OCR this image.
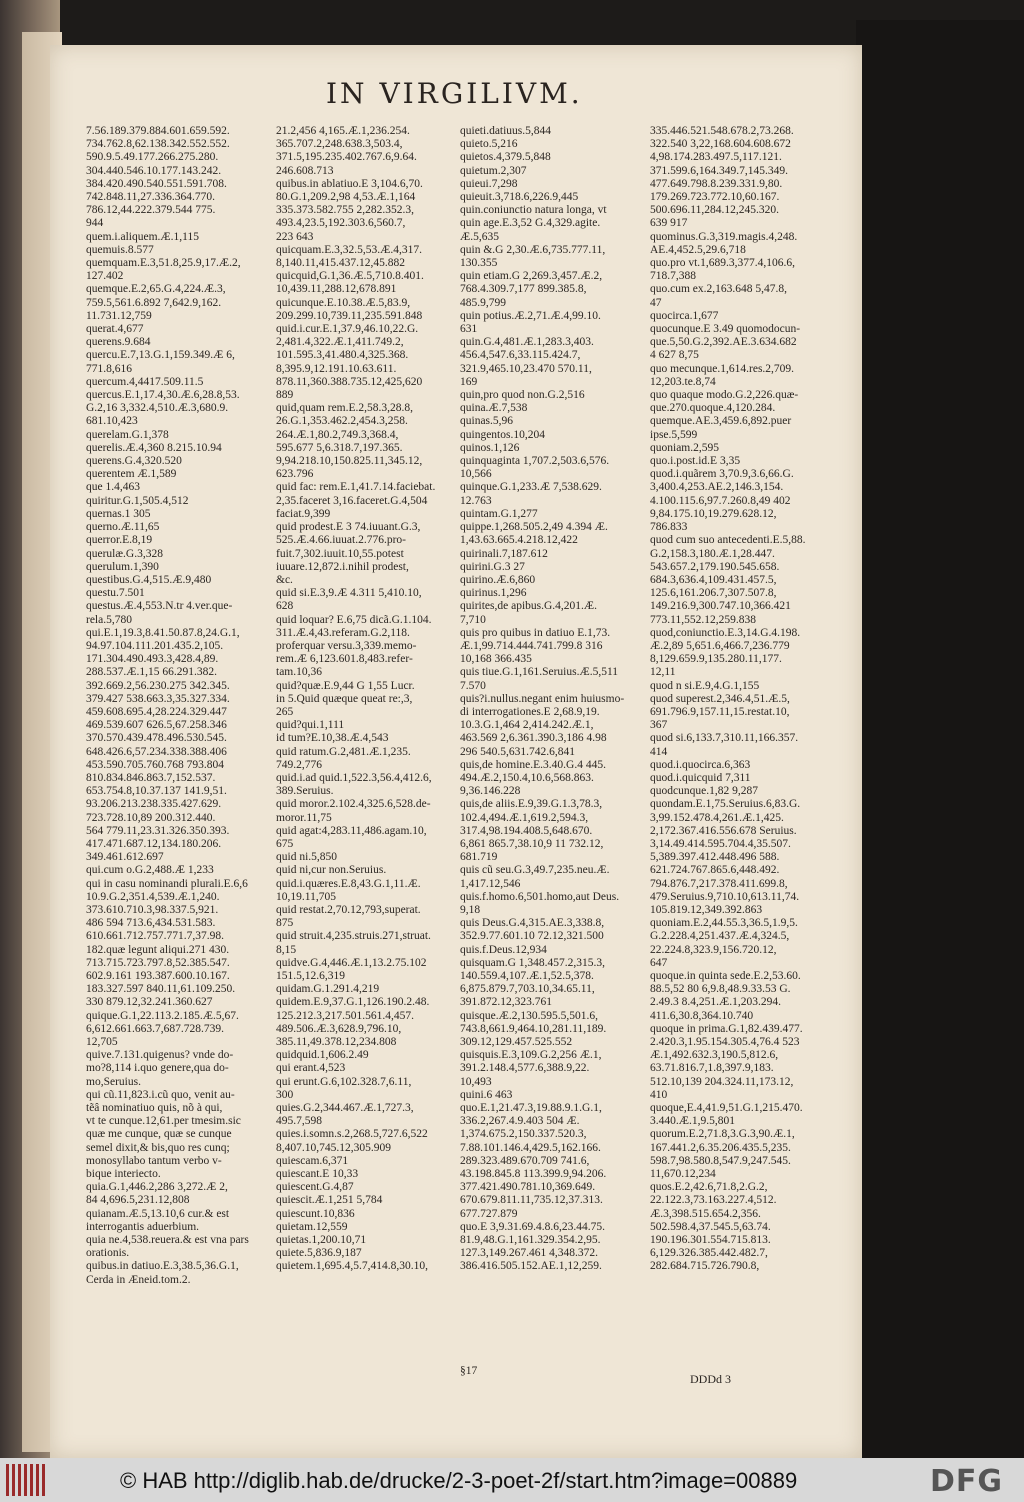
IN VIRGILIVM.
7.56.189.379.884.601.659.592.
734.762.8,62.138.342.552.552.
590.9.5.49.177.266.275.280.
304.440.546.10.177.143.242.
384.420.490.540.551.591.708.
742.848.11,27.336.364.770.
786.12,44.222.379.544 775.
944
quem.i.aliquem.Æ.1,115
quemuis.8.577
quemquam.E.3,51.8,25.9,17.Æ.2,
127.402
quemque.E.2,65.G.4,224.Æ.3,
759.5,561.6.892 7,642.9,162.
11.731.12,759
querat.4,677
querens.9.684
quercu.E.7,13.G.1,159.349.Æ 6,
771.8,616
quercum.4,4417.509.11.5
quercus.E.1,17.4,30.Æ.6,28.8,53.
G.2,16 3,332.4,510.Æ.3,680.9.
681.10,423
querelam.G.1,378
querelis.Æ.4,360 8.215.10.94
querens.G.4,320.520
querentem Æ.1,589
que 1.4,463
quiritur.G.1,505.4,512
quernas.1 305
querno.Æ.11,65
querror.E.8,19
querulæ.G.3,328
querulum.1,390
questibus.G.4,515.Æ.9,480
questu.7.501
questus.Æ.4,553.N.tr 4.ver.que-
rela.5,780
qui.E.1,19.3,8.41.50.87.8,24.G.1,
94.97.104.111.201.435.2,105.
171.304.490.493.3,428.4,89.
288.537.Æ.1,15 66.291.382.
392.669.2,56.230.275 342.345.
379.427 538.663.3,35.327.334.
459.608.695.4,28.224.329.447
469.539.607 626.5,67.258.346
370.570.439.478.496.530.545.
648.426.6,57.234.338.388.406
453.590.705.760.768 793.804
810.834.846.863.7,152.537.
653.754.8,10.37.137 141.9,51.
93.206.213.238.335.427.629.
723.728.10,89 200.312.440.
564 779.11,23.31.326.350.393.
417.471.687.12,134.180.206.
349.461.612.697
qui.cum o.G.2,488.Æ 1,233
qui in casu nominandi plurali.E.6,6
10.9.G.2,351.4,539.Æ.1,240.
373.610.710.3,98.337.5,921.
486 594 713.6,434.531.583.
610.661.712.757.771.7,37.98.
182.quæ legunt aliqui.271 430.
713.715.723.797.8,52.385.547.
602.9.161 193.387.600.10.167.
183.327.597 840.11,61.109.250.
330 879.12,32.241.360.627
quique.G.1,22.113.2.185.Æ.5,67.
6,612.661.663.7,687.728.739.
12,705
quive.7.131.quigenus? vnde do-
mo?8,114 i.quo genere,qua do-
mo,Seruius.
qui cũ.11,823.i.cũ quo, venit au-
tẽâ nominatiuo quis, nõ à qui,
vt te cunque.12,61.per tmesim.sic
quæ me cunque, quæ se cunque
semel dixit,& bis,quo res cunq;
monosyllabo tantum verbo v-
bique interiecto.
quia.G.1,446.2,286 3,272.Æ 2,
84 4,696.5,231.12,808
quianam.Æ.5,13.10,6 cur.& est
interrogantis aduerbium.
quia ne.4,538.reuera.& est vna pars
orationis.
quibus.in datiuo.E.3,38.5,36.G.1,
Cerda in Æneid.tom.2.
21.2,456 4,165.Æ.1,236.254.
365.707.2,248.638.3,503.4,
371.5,195.235.402.767.6,9.64.
246.608.713
quibus.in ablatiuo.E 3,104.6,70.
80.G.1,209.2,98 4,53.Æ.1,164
335.373.582.755 2,282.352.3,
493.4,23.5,192.303.6,560.7,
223 643
quicquam.E.3,32.5,53.Æ.4,317.
8,140.11,415.437.12,45.882
quicquid,G.1,36.Æ.5,710.8.401.
10,439.11,288.12,678.891
quicunque.E.10.38.Æ.5,83.9,
209.299.10,739.11,235.591.848
quid.i.cur.E.1,37.9,46.10,22.G.
2,481.4,322.Æ.1,411.749.2,
101.595.3,41.480.4,325.368.
8,395.9,12.191.10.63.611.
878.11,360.388.735.12,425,620
889
quid,quam rem.E.2,58.3,28.8,
26.G.1,353.462.2,454.3,258.
264.Æ.1,80.2,749.3,368.4,
595.677 5,6.318.7,197.365.
9,94.218.10,150.825.11,345.12,
623.796
quid fac: rem.E.1,41.7.14.faciebat.
2,35.faceret 3,16.faceret.G.4,504
faciat.9,399
quid prodest.E 3 74.iuuant.G.3,
525.Æ.4.66.iuuat.2.776.pro-
fuit.7,302.iuuit.10,55.potest
iuuare.12,872.i.nihil prodest,
&c.
quid si.E.3,9.Æ 4.311 5,410.10,
628
quid loquar? E.6,75 dicã.G.1.104.
311.Æ.4,43.referam.G.2,118.
proferquar versu.3,339.memo-
rem.Æ 6,123.601.8,483.refer-
tam.10,36
quid?quæ.E.9,44 G 1,55 Lucr.
in 5.Quid quæque queat re:,3,
265
quid?qui.1,111
id tum?E.10,38.Æ.4,543
quid ratum.G.2,481.Æ.1,235.
749.2,776
quid.i.ad quid.1,522.3,56.4,412.6,
389.Seruius.
quid moror.2.102.4,325.6,528.de-
moror.11,75
quid agat:4,283.11,486.agam.10,
675
quid ni.5,850
quid ni,cur non.Seruius.
quid.i.quæres.E.8,43.G.1,11.Æ.
10,19.11,705
quid restat.2,70.12,793,superat.
875
quid struit.4,235.struis.271,struat.
8,15
quidve.G.4,446.Æ.1,13.2.75.102
151.5,12.6,319
quidam.G.1.291.4,219
quidem.E.9,37.G.1,126.190.2.48.
125.212.3,217.501.561.4,457.
489.506.Æ.3,628.9,796.10,
385.11,49.378.12,234.808
quidquid.1,606.2.49
qui erant.4,523
qui erunt.G.6,102.328.7,6.11,
300
quies.G.2,344.467.Æ.1,727.3,
495.7,598
quies.i.somn.s.2,268.5,727.6,522
8,407.10,745.12,305.909
quiescam.6,371
quiescant.E 10,33
quiescent.G.4,87
quiescit.Æ.1,251 5,784
quiescunt.10,836
quietam.12,559
quietas.1,200.10,71
quiete.5,836.9,187
quietem.1,695.4,5.7,414.8,30.10,
quieti.datiuus.5,844
quieto.5,216
quietos.4,379.5,848
quietum.2,307
quieui.7,298
quieuit.3,718.6,226.9,445
quin.coniunctio natura longa, vt
quin age.E.3,52 G.4,329.agite.
Æ.5,635
quin &.G 2,30.Æ.6,735.777.11,
130.355
quin etiam.G 2,269.3,457.Æ.2,
768.4.309.7,177 899.385.8,
485.9,799
quin potius.Æ.2,71.Æ.4,99.10.
631
quin.G.4,481.Æ.1,283.3,403.
456.4,547.6,33.115.424.7,
321.9,465.10,23.470 570.11,
169
quin,pro quod non.G.2,516
quina.Æ.7,538
quinas.5,96
quingentos.10,204
quinos.1,126
quinquaginta 1,707.2,503.6,576.
10,566
quinque.G.1,233.Æ 7,538.629.
12.763
quintam.G.1,277
quippe.1,268.505.2,49 4.394 Æ.
1,43.63.665.4.218.12,422
quirinali.7,187.612
quirini.G.3 27
quirino.Æ.6,860
quirinus.1,296
quirites,de apibus.G.4,201.Æ.
7,710
quis pro quibus in datiuo E.1,73.
Æ.1,99.714.444.741.799.8 316
10,168 366.435
quis tiue.G.1,161.Seruius.Æ.5,511
7.570
quis?i.nullus.negant enim huiusmo-
di interrogationes.E 2,68.9,19.
10.3.G.1,464 2,414.242.Æ.1,
463.569 2,6.361.390.3,186 4.98
296 540.5,631.742.6,841
quis,de homine.E.3.40.G.4 445.
494.Æ.2,150.4,10.6,568.863.
9,36.146.228
quis,de aliis.E.9,39.G.1.3,78.3,
102.4,494.Æ.1,619.2,594.3,
317.4,98.194.408.5,648.670.
6,861 865.7,38.10,9 11 732.12,
681.719
quis cũ seu.G.3,49.7,235.neu.Æ.
1,417.12,546
quis.f.homo.6,501.homo,aut Deus.
9,18
quis Deus.G.4,315.AE.3,338.8,
352.9.77.601.10 72.12,321.500
quis.f.Deus.12,934
quisquam.G 1,348.457.2,315.3,
140.559.4,107.Æ.1,52.5,378.
6,875.879.7,703.10,34.65.11,
391.872.12,323.761
quisque.Æ.2,130.595.5,501.6,
743.8,661.9,464.10,281.11,189.
309.12,129.457.525.552
quisquis.E.3,109.G.2,256 Æ.1,
391.2.148.4,577.6,388.9,22.
10,493
quini.6 463
quo.E.1,21.47.3,19.88.9.1.G.1,
336.2,267.4.9.403 504 Æ.
1,374.675.2,150.337.520.3,
7.88.101.146.4,429.5,162.166.
289.323.489.670.709 741.6,
43.198.845.8 113.399.9,94.206.
377.421.490.781.10,369.649.
670.679.811.11,735.12,37.313.
677.727.879
quo.E 3,9.31.69.4.8.6,23.44.75.
81.9,48.G.1,161.329.354.2,95.
127.3,149.267.461 4,348.372.
386.416.505.152.AE.1,12,259.
335.446.521.548.678.2,73.268.
322.540 3,22,168.604.608.672
4,98.174.283.497.5,117.121.
371.599.6,164.349.7,145.349.
477.649.798.8.239.331.9,80.
179.269.723.772.10,60.167.
500.696.11,284.12,245.320.
639 917
quominus.G.3,319.magis.4,248.
AE.4,452.5,29.6,718
quo.pro vt.1,689.3,377.4,106.6,
718.7,388
quo.cum ex.2,163.648 5,47.8,
47
quocirca.1,677
quocunque.E 3.49 quomodocun-
que.5,50.G.2,392.AE.3.634.682
4 627 8,75
quo mecunque.1,614.res.2,709.
12,203.te.8,74
quo quaque modo.G.2,226.quæ-
que.270.quoque.4,120.284.
quemque.AE.3,459.6,892.puer
ipse.5,599
quoniam.2,595
quo.i.post.id.E 3,35
quod.i.quãrem 3,70.9,3.6,66.G.
3,400.4,253.AE.2,146.3,154.
4.100.115.6,97.7.260.8,49 402
9,84.175.10,19.279.628.12,
786.833
quod cum suo antecedenti.E.5,88.
G.2,158.3,180.Æ.1,28.447.
543.657.2,179.190.545.658.
684.3,636.4,109.431.457.5,
125.6,161.206.7,307.507.8,
149.216.9,300.747.10,366.421
773.11,552.12,259.838
quod,coniunctio.E.3,14.G.4.198.
Æ.2,89 5,651.6,466.7,236.779
8,129.659.9,135.280.11,177.
12,11
quod n si.E.9,4.G.1,155
quod superest.2,346.4,51.Æ.5,
691.796.9,157.11,15.restat.10,
367
quod si.6,133.7,310.11,166.357.
414
quod.i.quocirca.6,363
quod.i.quicquid 7,311
quodcunque.1,82 9,287
quondam.E.1,75.Seruius.6,83.G.
3,99.152.478.4,261.Æ.1,425.
2,172.367.416.556.678 Seruius.
3,14.49.414.595.704.4,35.507.
5,389.397.412.448.496 588.
621.724.767.865.6,448.492.
794.876.7,217.378.411.699.8,
479.Seruius.9,710.10,613.11,74.
105.819.12,349.392.863
quoniam.E.2,44.55.3,36.5,1.9,5.
G.2.228.4,251.437.Æ.4,324.5,
22.224.8,323.9,156.720.12,
647
quoque.in quinta sede.E.2,53.60.
88.5,52 80 6,9.8,48.9.33.53 G.
2.49.3 8.4,251.Æ.1,203.294.
411.6,30.8,364.10.740
quoque in prima.G.1,82.439.477.
2.420.3,1.95.154.305.4,76.4 523
Æ.1,492.632.3,190.5,812.6,
63.71.816.7,1.8,397.9,183.
512.10,139 204.324.11,173.12,
410
quoque,E.4,41.9,51.G.1,215.470.
3.440.Æ.1,9.5,801
quorum.E.2,71.8,3.G.3,90.Æ.1,
167.441.2,6.35.206.435.5,235.
598.7,98.580.8,547.9,247.545.
11,670.12,234
quos.E.2,42.6,71.8,2.G.2,
22.122.3,73.163.227.4,512.
Æ.3,398.515.654.2,356.
502.598.4,37.545.5,63.74.
190.196.301.554.715.813.
6,129.326.385.442.482.7,
282.684.715.726.790.8,
§17
DDDd 3
© HAB http://diglib.hab.de/drucke/2-3-poet-2f/start.htm?image=00889	DFG
